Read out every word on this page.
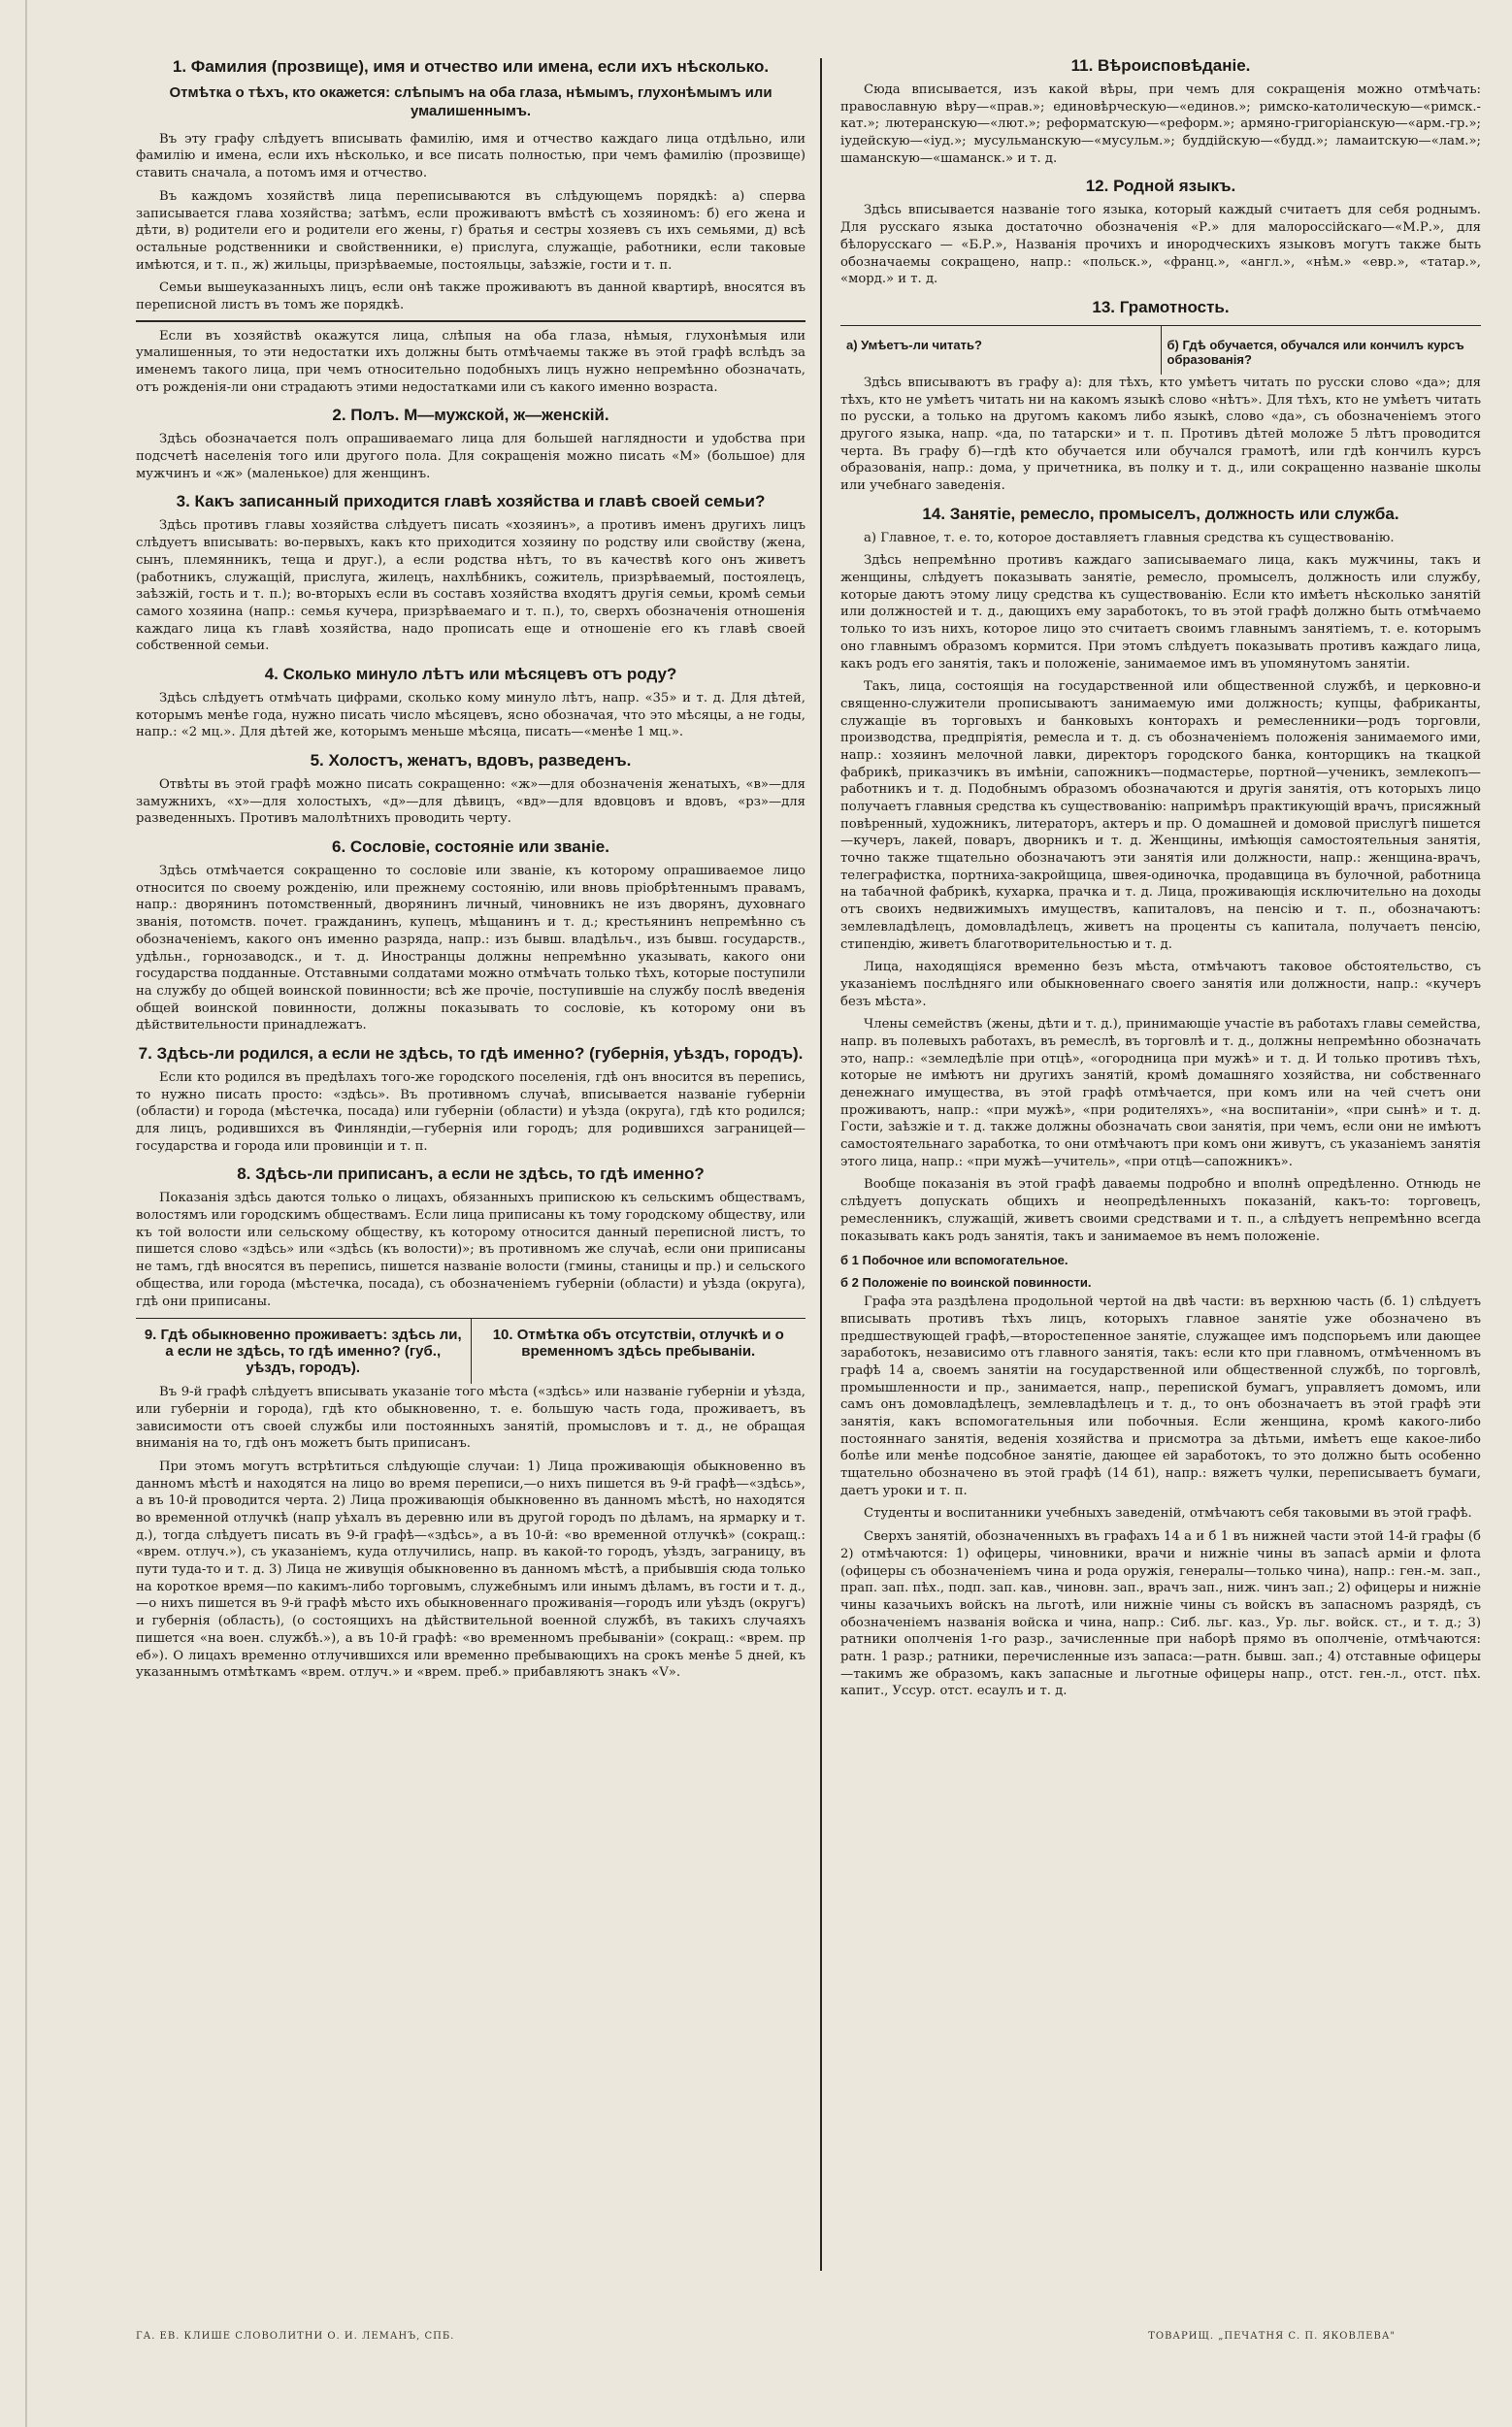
1. Фамилия (прозвище), имя и отчество или имена, если ихъ нѣсколько.
Отмѣтка о тѣхъ, кто окажется: слѣпымъ на оба глаза, нѣмымъ, глухонѣмымъ или умалишеннымъ.

Въ эту графу слѣдуетъ вписывать фамилію, имя и отчество каждаго лица отдѣльно, или фамилію и имена, если ихъ нѣсколько, и все писать полностью, при чемъ фамилію (прозвище) ставить сначала, а потомъ имя и отчество.

Въ каждомъ хозяйствѣ лица переписываются въ слѣдующемъ порядкѣ: а) сперва записывается глава хозяйства; затѣмъ, если проживаютъ вмѣстѣ съ хозяиномъ: б) его жена и дѣти, в) родители его и родители его жены, г) братья и сестры хозяевъ съ ихъ семьями, д) всѣ остальные родственники и свойственники, е) прислуга, служащіе, работники, если таковые имѣются, и т. п., ж) жильцы, призрѣваемые, постояльцы, заѣзжіе, гости и т. п.

Семьи вышеуказанныхъ лицъ, если онѣ также проживаютъ въ данной квартирѣ, вносятся въ переписной листъ въ томъ же порядкѣ.

Если въ хозяйствѣ окажутся лица, слѣпыя на оба глаза, нѣмыя, глухонѣмыя или умалишенныя, то эти недостатки ихъ должны быть отмѣчаемы также въ этой графѣ вслѣдъ за именемъ такого лица, при чемъ относительно подобныхъ лицъ нужно непремѣнно обозначать, отъ рожденія-ли они страдаютъ этими недостатками или съ какого именно возраста.

2. Полъ. М—мужской, ж—женскій.

Здѣсь обозначается полъ опрашиваемаго лица для большей наглядности и удобства при подсчетѣ населенія того или другого пола. Для сокращенія можно писать «М» (большое) для мужчинъ и «ж» (маленькое) для женщинъ.

3. Какъ записанный приходится главѣ хозяйства и главѣ своей семьи?

Здѣсь противъ главы хозяйства слѣдуетъ писать «хозяинъ», а противъ именъ другихъ лицъ слѣдуетъ вписывать: во-первыхъ, какъ кто приходится хозяину по родству или свойству (жена, сынъ, племянникъ, теща и друг.), а если родства нѣтъ, то въ качествѣ кого онъ живетъ (работникъ, служащій, прислуга, жилецъ, нахлѣбникъ, сожитель, призрѣваемый, постоялецъ, заѣзжій, гость и т. п.); во-вторыхъ если въ составъ хозяйства входятъ другія семьи, кромѣ семьи самого хозяина (напр.: семья кучера, призрѣваемаго и т. п.), то, сверхъ обозначенія отношенія каждаго лица къ главѣ хозяйства, надо прописать еще и отношеніе его къ главѣ своей собственной семьи.

4. Сколько минуло лѣтъ или мѣсяцевъ отъ роду?

Здѣсь слѣдуетъ отмѣчать цифрами, сколько кому минуло лѣтъ, напр. «35» и т. д. Для дѣтей, которымъ менѣе года, нужно писать число мѣсяцевъ, ясно обозначая, что это мѣсяцы, а не годы, напр.: «2 мц.». Для дѣтей же, которымъ меньше мѣсяца, писать—«менѣе 1 мц.».

5. Холостъ, женатъ, вдовъ, разведенъ.

Отвѣты въ этой графѣ можно писать сокращенно: «ж»—для обозначенія женатыхъ, «в»—для замужнихъ, «х»—для холостыхъ, «д»—для дѣвицъ, «вд»—для вдовцовъ и вдовъ, «рз»—для разведенныхъ. Противъ малолѣтнихъ проводить черту.

6. Сословіе, состояніе или званіе.

Здѣсь отмѣчается сокращенно то сословіе или званіе, къ которому опрашиваемое лицо относится по своему рожденію, или прежнему состоянію, или вновь пріобрѣтеннымъ правамъ, напр.: дворянинъ потомственный, дворянинъ личный, чиновникъ не изъ дворянъ, духовнаго званія, потомств. почет. гражданинъ, купецъ, мѣщанинъ и т. д.; крестьянинъ непремѣнно съ обозначеніемъ, какого онъ именно разряда, напр.: изъ бывш. владѣльч., изъ бывш. государств., удѣльн., горнозаводск., и т. д. Иностранцы должны непремѣнно указывать, какого они государства подданные. Отставными солдатами можно отмѣчать только тѣхъ, которые поступили на службу до общей воинской повинности; всѣ же прочіе, поступившіе на службу послѣ введенія общей воинской повинности, должны показывать то сословіе, къ которому они въ дѣйствительности принадлежатъ.

7. Здѣсь-ли родился, а если не здѣсь, то гдѣ именно? (губернія, уѣздъ, городъ).

Если кто родился въ предѣлахъ того-же городского поселенія, гдѣ онъ вносится въ перепись, то нужно писать просто: «здѣсь». Въ противномъ случаѣ, вписывается названіе губерніи (области) и города (мѣстечка, посада) или губерніи (области) и уѣзда (округа), гдѣ кто родился; для лицъ, родившихся въ Финляндіи,—губернія или городъ; для родившихся заграницей—государства и города или провинціи и т. п.

8. Здѣсь-ли приписанъ, а если не здѣсь, то гдѣ именно?

Показанія здѣсь даются только о лицахъ, обязанныхъ припискою къ сельскимъ обществамъ, волостямъ или городскимъ обществамъ. Если лица приписаны къ тому городскому обществу, или къ той волости или сельскому обществу, къ которому относится данный переписной листъ, то пишется слово «здѣсь» или «здѣсь (къ волости)»; въ противномъ же случаѣ, если они приписаны не тамъ, гдѣ вносятся въ перепись, пишется названіе волости (гмины, станицы и пр.) и сельского общества, или города (мѣстечка, посада), съ обозначеніемъ губерніи (области) и уѣзда (округа), гдѣ они приписаны.

9. Гдѣ обыкновенно проживаетъ: здѣсь ли, а если не здѣсь, то гдѣ именно? (губ., уѣздъ, городъ).
10. Отмѣтка объ отсутствіи, отлучкѣ и о временномъ здѣсь пребываніи.

Въ 9-й графѣ слѣдуетъ вписывать указаніе того мѣста («здѣсь» или названіе губерніи и уѣзда, или губерніи и города), гдѣ кто обыкновенно, т. е. большую часть года, проживаетъ, въ зависимости отъ своей службы или постоянныхъ занятій, промысловъ и т. д., не обращая вниманія на то, гдѣ онъ можетъ быть приписанъ.

При этомъ могутъ встрѣтиться слѣдующіе случаи: 1) Лица проживающія обыкновенно въ данномъ мѣстѣ и находятся на лицо во время переписи,—о нихъ пишется въ 9-й графѣ—«здѣсь», а въ 10-й проводится черта. 2) Лица проживающія обыкновенно въ данномъ мѣстѣ, но находятся во временной отлучкѣ (напр уѣхалъ въ деревню или въ другой городъ по дѣламъ, на ярмарку и т. д.), тогда слѣдуетъ писать въ 9-й графѣ—«здѣсь», а въ 10-й: «во временной отлучкѣ» (сокращ.: «врем. отлуч.»), съ указаніемъ, куда отлучились, напр. въ какой-то городъ, уѣздъ, заграницу, въ пути туда-то и т. д. 3) Лица не живущія обыкновенно въ данномъ мѣстѣ, а прибывшія сюда только на короткое время—по какимъ-либо торговымъ, служебнымъ или инымъ дѣламъ, въ гости и т. д.,—о нихъ пишется въ 9-й графѣ мѣсто ихъ обыкновеннаго проживанія—городъ или уѣздъ (округъ) и губернія (область), (о состоящихъ на дѣйствительной военной службѣ, въ такихъ случаяхъ пишется «на воен. службѣ.»), а въ 10-й графѣ: «во временномъ пребываніи» (сокращ.: «врем. пр еб»). О лицахъ временно отлучившихся или временно пребывающихъ на срокъ менѣе 5 дней, къ указаннымъ отмѣткамъ «врем. отлуч.» и «врем. преб.» прибавляютъ знакъ «V».

11. Вѣроисповѣданіе.

Сюда вписывается, изъ какой вѣры, при чемъ для сокращенія можно отмѣчать: православную вѣру—«прав.»; единовѣрческую—«единов.»; римско-католическую—«римск.-кат.»; лютеранскую—«лют.»; реформатскую—«реформ.»; армяно-григоріанскую—«арм.-гр.»; іудейскую—«іуд.»; мусульманскую—«мусульм.»; буддійскую—«будд.»; ламаитскую—«лам.»; шаманскую—«шаманск.» и т. д.

12. Родной языкъ.

Здѣсь вписывается названіе того языка, который каждый считаетъ для себя роднымъ. Для русскаго языка достаточно обозначенія «Р.» для малороссійскаго—«М.Р.», для бѣлорусскаго — «Б.Р.», Названія прочихъ и инородческихъ языковъ могутъ также быть обозначаемы сокращено, напр.: «польск.», «франц.», «англ.», «нѣм.» «евр.», «татар.», «морд.» и т. д.

13. Грамотность.
а) Умѣетъ-ли читать?	б) Гдѣ обучается, обучался или кончилъ курсъ образованія?

Здѣсь вписываютъ въ графу а): для тѣхъ, кто умѣетъ читать по русски слово «да»; для тѣхъ, кто не умѣетъ читать ни на какомъ языкѣ слово «нѣтъ». Для тѣхъ, кто не умѣетъ читать по русски, а только на другомъ какомъ либо языкѣ, слово «да», съ обозначеніемъ этого другого языка, напр. «да, по татарски» и т. п. Противъ дѣтей моложе 5 лѣтъ проводится черта. Въ графу б)—гдѣ кто обучается или обучался грамотѣ, или гдѣ кончилъ курсъ образованія, напр.: дома, у причетника, въ полку и т. д., или сокращенно названіе школы или учебнаго заведенія.

14. Занятіе, ремесло, промыселъ, должность или служба.

а) Главное, т. е. то, которое доставляетъ главныя средства къ существованію.

Здѣсь непремѣнно противъ каждаго записываемаго лица, какъ мужчины, такъ и женщины, слѣдуетъ показывать занятіе, ремесло, промыселъ, должность или службу, которые даютъ этому лицу средства къ существованію. Если кто имѣетъ нѣсколько занятій или должностей и т. д., дающихъ ему заработокъ, то въ этой графѣ должно быть отмѣчаемо только то изъ нихъ, которое лицо это считаетъ своимъ главнымъ занятіемъ, т. е. которымъ оно главнымъ образомъ кормится. При этомъ слѣдуетъ показывать противъ каждаго лица, какъ родъ его занятія, такъ и положеніе, занимаемое имъ въ упомянутомъ занятіи.

Такъ, лица, состоящія на государственной или общественной службѣ, и церковно-и священно-служители прописываютъ занимаемую ими должность; купцы, фабриканты, служащіе въ торговыхъ и банковыхъ конторахъ и ремесленники—родъ торговли, производства, предпріятія, ремесла и т. д. съ обозначеніемъ положенія занимаемого ими, напр.: хозяинъ мелочной лавки, директоръ городского банка, конторщикъ на ткацкой фабрикѣ, приказчикъ въ имѣніи, сапожникъ—подмастерье, портной—ученикъ, землекопъ—работникъ и т. д. Подобнымъ образомъ обозначаются и другія занятія, отъ которыхъ лицо получаетъ главныя средства къ существованію: напримѣръ практикующій врачъ, присяжный повѣренный, художникъ, литераторъ, актеръ и пр. О домашней и домовой прислугѣ пишется—кучеръ, лакей, поваръ, дворникъ и т. д. Женщины, имѣющія самостоятельныя занятія, точно также тщательно обозначаютъ эти занятія или должности, напр.: женщина-врачъ, телеграфистка, портниха-закройщица, швея-одиночка, продавщица въ булочной, работница на табачной фабрикѣ, кухарка, прачка и т. д. Лица, проживающія исключительно на доходы отъ своихъ недвижимыхъ имуществъ, капиталовъ, на пенсію и т. п., обозначаютъ: землевладѣлецъ, домовладѣлецъ, живетъ на проценты съ капитала, получаетъ пенсію, стипендію, живетъ благотворительностью и т. д.

Лица, находящіяся временно безъ мѣста, отмѣчаютъ таковое обстоятельство, съ указаніемъ послѣдняго или обыкновеннаго своего занятія или должности, напр.: «кучеръ безъ мѣста».

Члены семействъ (жены, дѣти и т. д.), принимающіе участіе въ работахъ главы семейства, напр. въ полевыхъ работахъ, въ ремеслѣ, въ торговлѣ и т. д., должны непремѣнно обозначать это, напр.: «земледѣліе при отцѣ», «огородница при мужѣ» и т. д. И только противъ тѣхъ, которые не имѣютъ ни другихъ занятій, кромѣ домашняго хозяйства, ни собственнаго денежнаго имущества, въ этой графѣ отмѣчается, при комъ или на чей счетъ они проживаютъ, напр.: «при мужѣ», «при родителяхъ», «на воспитаніи», «при сынѣ» и т. д. Гости, заѣзжіе и т. д. также должны обозначать свои занятія, при чемъ, если они не имѣютъ самостоятельнаго заработка, то они отмѣчаютъ при комъ они живутъ, съ указаніемъ занятія этого лица, напр.: «при мужѣ—учитель», «при отцѣ—сапожникъ».

Вообще показанія въ этой графѣ даваемы подробно и вполнѣ опредѣленно. Отнюдь не слѣдуетъ допускать общихъ и неопредѣленныхъ показаній, какъ-то: торговецъ, ремесленникъ, служащій, живетъ своими средствами и т. п., а слѣдуетъ непремѣнно всегда показывать какъ родъ занятія, такъ и занимаемое въ немъ положеніе.

б 1 Побочное или вспомогательное.
б 2 Положеніе по воинской повинности.

Графа эта раздѣлена продольной чертой на двѣ части: въ верхнюю часть (б. 1) слѣдуетъ вписывать противъ тѣхъ лицъ, которыхъ главное занятіе уже обозначено въ предшествующей графѣ,—второстепенное занятіе, служащее имъ подспорьемъ или дающее заработокъ, независимо отъ главного занятія, такъ: если кто при главномъ, отмѣченномъ въ графѣ 14 а, своемъ занятіи на государственной или общественной службѣ, по торговлѣ, промышленности и пр., занимается, напр., перепиской бумагъ, управляетъ домомъ, или самъ онъ домовладѣлецъ, землевладѣлецъ и т. д., то онъ обозначаетъ въ этой графѣ эти занятія, какъ вспомогательныя или побочныя. Если женщина, кромѣ какого-либо постояннаго занятія, веденія хозяйства и присмотра за дѣтьми, имѣетъ еще какое-либо болѣе или менѣе подсобное занятіе, дающее ей заработокъ, то это должно быть особенно тщательно обозначено въ этой графѣ (14 б1), напр.: вяжетъ чулки, переписываетъ бумаги, даетъ уроки и т. п.

Студенты и воспитанники учебныхъ заведеній, отмѣчаютъ себя таковыми въ этой графѣ.

Сверхъ занятій, обозначенныхъ въ графахъ 14 а и б 1 въ нижней части этой 14-й графы (б 2) отмѣчаются: 1) офицеры, чиновники, врачи и нижніе чины въ запасѣ арміи и флота (офицеры съ обозначеніемъ чина и рода оружія, генералы—только чина), напр.: ген.-м. зап., прап. зап. пѣх., подп. зап. кав., чиновн. зап., врачъ зап., ниж. чинъ зап.; 2) офицеры и нижніе чины казачьихъ войскъ на льготѣ, или нижніе чины съ войскъ въ запасномъ разрядѣ, съ обозначеніемъ названія войска и чина, напр.: Сиб. льг. каз., Ур. льг. войск. ст., и т. д.; 3) ратники ополченія 1-го разр., зачисленные при наборѣ прямо въ ополченіе, отмѣчаются: ратн. 1 разр.; ратники, перечисленные изъ запаса:—ратн. бывш. зап.; 4) отставные офицеры—такимъ же образомъ, какъ запасные и льготные офицеры напр., отст. ген.-л., отст. пѣх. капит., Уссур. отст. есаулъ и т. д.

ГА. ЕВ. КЛИШЕ СЛОВОЛИТНИ О. И. ЛЕМАНЪ, СПБ.	ТОВАРИЩ. „ПЕЧАТНЯ С. П. ЯКОВЛЕВА"
